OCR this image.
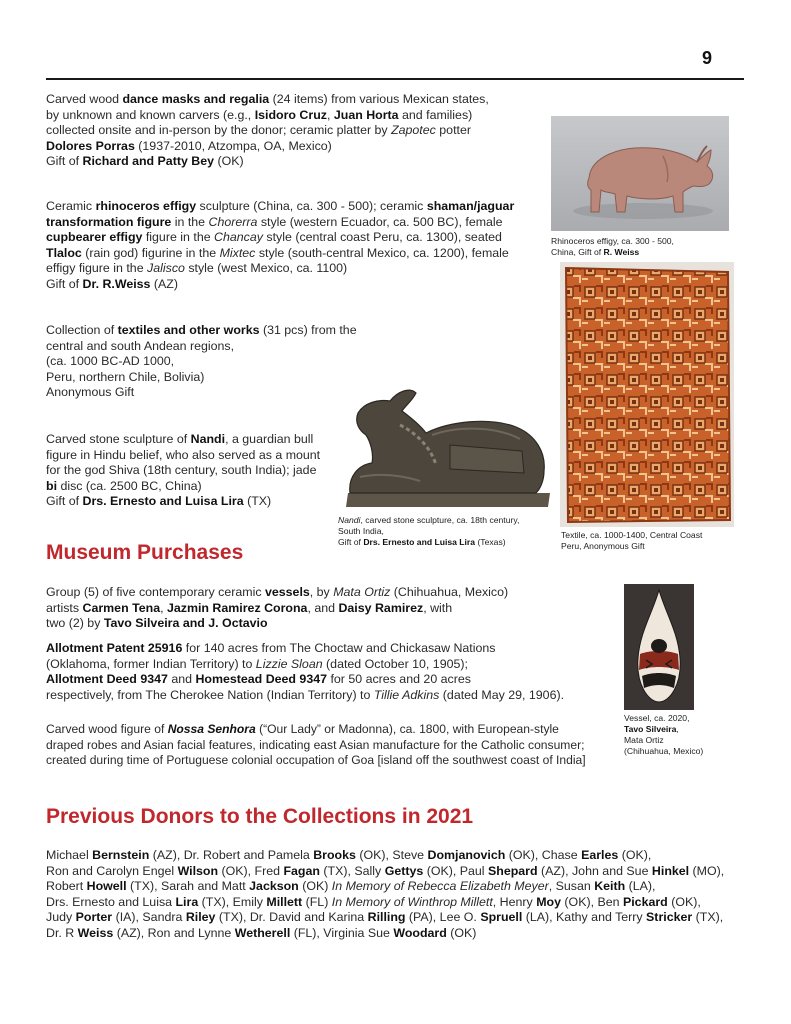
9
Carved wood dance masks and regalia (24 items) from various Mexican states,
by unknown and known carvers (e.g., Isidoro Cruz, Juan Horta and families)
collected onsite and in-person by the donor; ceramic platter by Zapotec potter
Dolores Porras (1937-2010, Atzompa, OA, Mexico)
Gift of Richard and Patty Bey (OK)
Ceramic rhinoceros effigy sculpture (China, ca. 300 - 500); ceramic shaman/jaguar
transformation figure in the Chorerra style (western Ecuador, ca. 500 BC), female
cupbearer effigy figure in the Chancay style (central coast Peru, ca. 1300), seated
Tlaloc (rain god) figurine in the Mixtec style (south-central Mexico, ca. 1200), female
effigy figure in the Jalisco style (west Mexico, ca. 1100)
Gift of Dr. R.Weiss (AZ)
Collection of textiles and other works (31 pcs) from the
central and south Andean regions,
(ca. 1000 BC-AD 1000,
Peru, northern Chile, Bolivia)
Anonymous Gift
Carved stone sculpture of Nandi, a guardian bull
figure in Hindu belief, who also served as a mount
for the god Shiva (18th century, south India); jade
bi disc (ca. 2500 BC, China)
Gift of Drs. Ernesto and Luisa Lira (TX)
Rhinoceros effigy, ca. 300 - 500,
China, Gift of R. Weiss
Textile, ca. 1000-1400, Central Coast
Peru, Anonymous Gift
Nandi, carved stone sculpture, ca. 18th century,
South India,
Gift of Drs. Ernesto and Luisa Lira (Texas)
Museum Purchases
Group (5) of five contemporary ceramic vessels, by Mata Ortiz (Chihuahua, Mexico)
artists Carmen Tena, Jazmin Ramirez Corona, and Daisy Ramirez, with
two (2) by Tavo Silveira and J. Octavio
Allotment Patent 25916 for 140 acres from The Choctaw and Chickasaw Nations
(Oklahoma, former Indian Territory) to Lizzie Sloan (dated October 10, 1905);
Allotment Deed 9347 and Homestead Deed 9347 for 50 acres and 20 acres
respectively, from The Cherokee Nation (Indian Territory) to Tillie Adkins (dated May 29, 1906).
Carved wood figure of Nossa Senhora (“Our Lady” or Madonna), ca. 1800, with European-style
draped robes and Asian facial features, indicating east Asian manufacture for the Catholic consumer;
created during time of Portuguese colonial occupation of Goa [island off the southwest coast of India]
Vessel, ca. 2020,
Tavo Silveira,
Mata Ortiz
(Chihuahua, Mexico)
Previous Donors to the Collections in 2021
Michael Bernstein (AZ), Dr. Robert and Pamela Brooks (OK), Steve Domjanovich (OK), Chase Earles (OK),
Ron and Carolyn Engel Wilson (OK), Fred Fagan (TX), Sally Gettys (OK), Paul Shepard (AZ), John and Sue Hinkel (MO),
Robert Howell (TX), Sarah and Matt Jackson (OK) In Memory of Rebecca Elizabeth Meyer, Susan Keith (LA),
Drs. Ernesto and Luisa Lira (TX), Emily Millett (FL) In Memory of Winthrop Millett, Henry Moy (OK), Ben Pickard (OK),
Judy Porter (IA), Sandra Riley (TX), Dr. David and Karina Rilling (PA), Lee O. Spruell (LA), Kathy and Terry Stricker (TX),
Dr. R Weiss (AZ), Ron and Lynne Wetherell (FL), Virginia Sue Woodard (OK)
